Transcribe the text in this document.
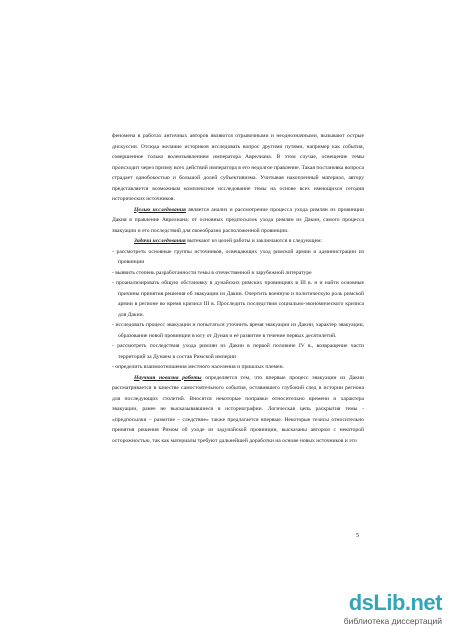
феномена в работах античных авторов являются отрывочными и неоднозначными, вызывают острые дискуссии. Отсюда желание историков исследовать вопрос другими путями, например как события, совершенное только волеизъявлением императора Аврелиана. В этом случае, освещение темы происходит через призму всех действий императора в его недолгое правление. Такая постановка вопроса страдает однобокостью и большой долей субъективизма. Учитывая накопленный материал, автору представляется возможным комплексное исследование темы на основе всех имеющихся сегодня исторических источников.

Целью исследования является анализ и рассмотрение процесса ухода римлян из провинции Дакия в правление Аврелиана: от основных предпосылок ухода римлян из Дакии, самого процесса эвакуации и его последствий для своеобразно расположенной провинции.

Задачи исследования вытекают из целей работы и заключаются в следующем:

- рассмотреть основные группы источников, освещающих уход римской армии и администрации из провинции

- выявить степень разработанности темы в отечественной и зарубежной литературе

- проанализировать общую обстановку в дунайских римских провинциях в III в. н и найти основные причины принятия решения об эвакуации из Дакии. Очертить военную и политическую роль римской армии в регионе во время кризиса III в. Проследить последствия социально-экономического кризиса для Дакии.

- исследовать процесс эвакуации и попытаться уточнить время эвакуации из Дакии, характер эвакуации, образование новой провинции в югу от Дуная и её развитие в течение первых десятилетий.

- рассмотреть последствия ухода римлян из Дакии в первой половине IV в., возвращение части территорий за Дунаем в состав Римской империи

- определить взаимоотношения местного населения и пришлых племен.

Научная новизна работы определяется тем, что впервые процесс эвакуации из Дакии рассматривается в качестве самостоятельного события, оставившего глубокий след в истории региона для последующих столетий. Вносятся некоторые поправки относительно времени и характера эвакуации, ранее не высказывавшиеся в историографии. Логическая цепь раскрытия темы - «предпосылки – развитие – следствие» также предлагается впервые. Некоторые тезисы относительно принятия решения Римом об уходе из задунайской провинции, высказаны автором с некоторой осторожностью, так как материалы требуют дальнейшей доработки на основе новых источников и это

5
dsLib.net
библиотека диссертаций
